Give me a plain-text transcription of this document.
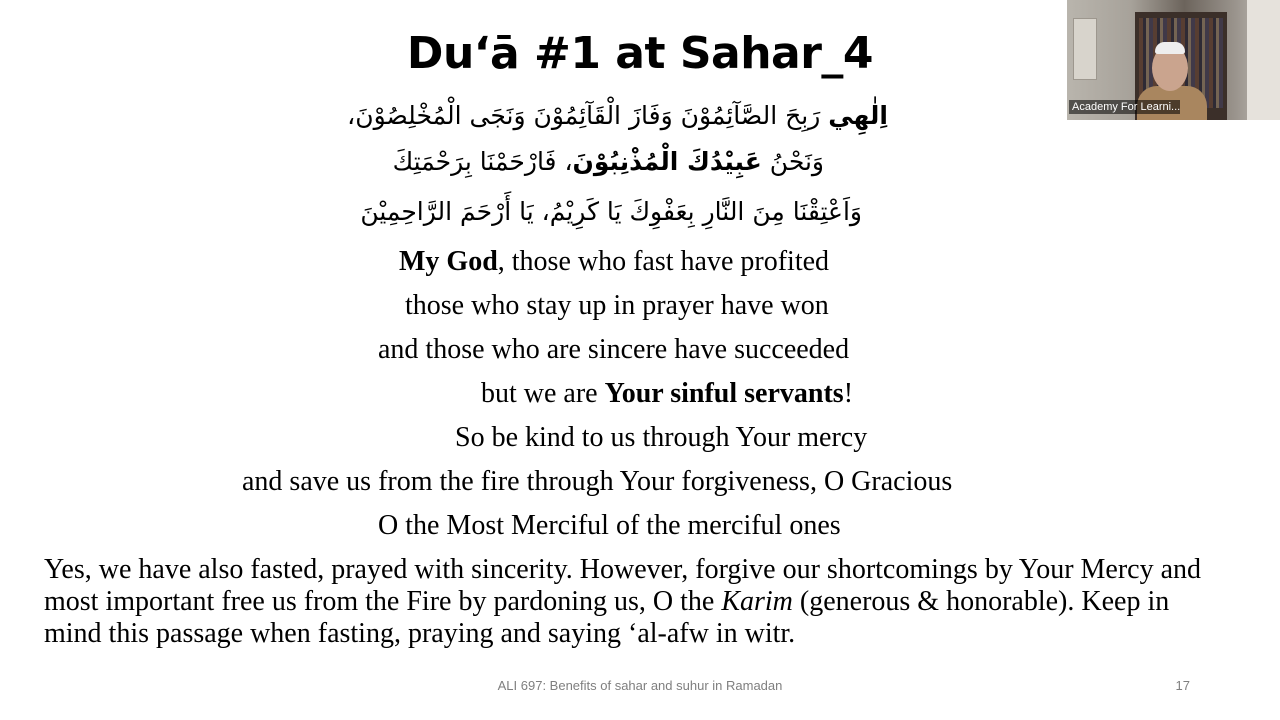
Du‘ā #1 at Sahar_4
اِلٰهِي رَبِحَ الصَّآئِمُوْنَ وَفَازَ الْقَآئِمُوْنَ وَنَجَى الْمُخْلِصُوْنَ،
وَنَحْنُ عَبِيْدُكَ الْمُذْنِبُوْنَ، فَارْحَمْنَا بِرَحْمَتِكَ
وَاَعْتِقْنَا مِنَ النَّارِ بِعَفْوِكَ يَا كَرِيْمُ، يَا أَرْحَمَ الرَّاحِمِيْنَ
My God, those who fast have profited
those who stay up in prayer have won
and those who are sincere have succeeded
but we are Your sinful servants!
So be kind to us through Your mercy
and save us from the fire through Your forgiveness, O Gracious
O the Most Merciful of the merciful ones
Yes, we have also fasted, prayed with sincerity. However, forgive our shortcomings by Your Mercy and most important free us from the Fire by pardoning us, O the Karim (generous & honorable). Keep in mind this passage when fasting, praying and saying ‘al-afw in witr.
ALI 697: Benefits of sahar and suhur in Ramadan	17
Academy For Learni...
